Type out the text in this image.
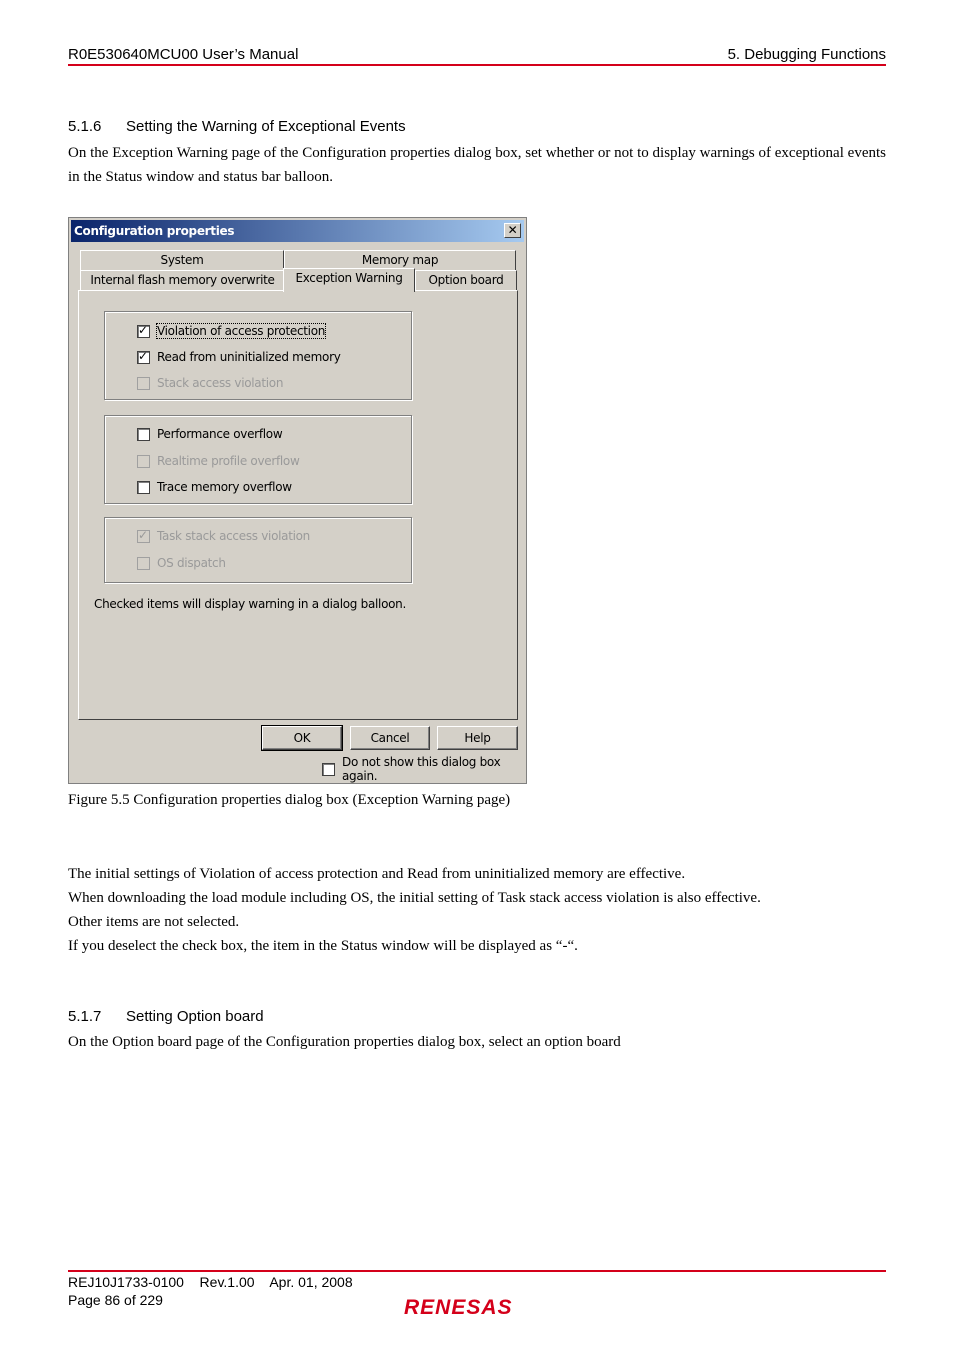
R0E530640MCU00 User’s Manual	5. Debugging Functions
5.1.6 Setting the Warning of Exceptional Events
On the Exception Warning page of the Configuration properties dialog box, set whether or not to display warnings of exceptional events in the Status window and status bar balloon.
Configuration properties	✕
System	Memory map
Internal flash memory overwrite	Exception Warning	Option board
✓ Violation of access protection
✓ Read from uninitialized memory
Stack access violation
Performance overflow
Realtime profile overflow
Trace memory overflow
✓ Task stack access violation
OS dispatch
Checked items will display warning in a dialog balloon.
OK	Cancel	Help
Do not show this dialog box again.
Figure 5.5 Configuration properties dialog box (Exception Warning page)
The initial settings of Violation of access protection and Read from uninitialized memory are effective.
When downloading the load module including OS, the initial setting of Task stack access violation is also effective.
Other items are not selected.
If you deselect the check box, the item in the Status window will be displayed as “-“.
5.1.7 Setting Option board
On the Option board page of the Configuration properties dialog box, select an option board
REJ10J1733-0100 Rev.1.00 Apr. 01, 2008
Page 86 of 229	RENESAS
